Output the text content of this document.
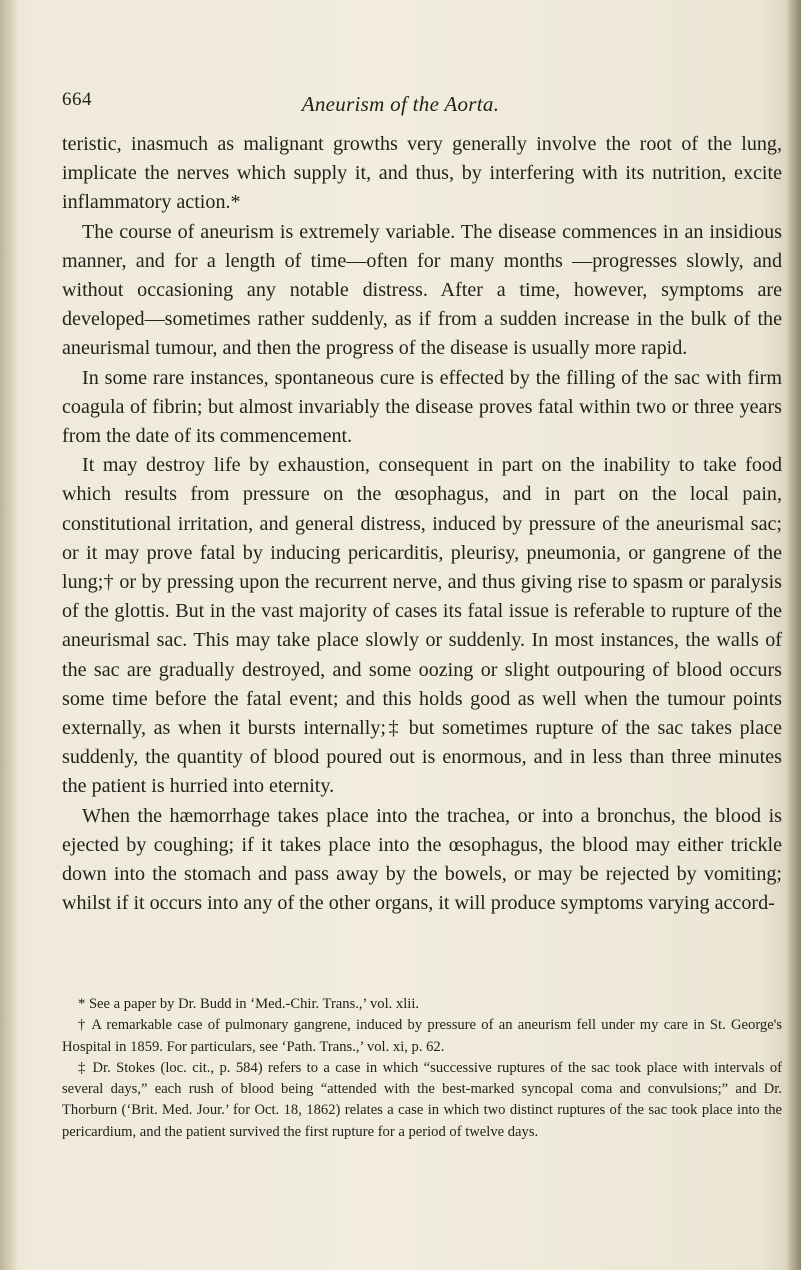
664	Aneurism of the Aorta.

teristic, inasmuch as malignant growths very generally involve the root of the lung, implicate the nerves which supply it, and thus, by interfering with its nutrition, excite inflammatory action.*

The course of aneurism is extremely variable. The disease commences in an insidious manner, and for a length of time—often for many months —progresses slowly, and without occasioning any notable distress. After a time, however, symptoms are developed—sometimes rather suddenly, as if from a sudden increase in the bulk of the aneurismal tumour, and then the progress of the disease is usually more rapid.

In some rare instances, spontaneous cure is effected by the filling of the sac with firm coagula of fibrin; but almost invariably the disease proves fatal within two or three years from the date of its commencement.

It may destroy life by exhaustion, consequent in part on the inability to take food which results from pressure on the œsophagus, and in part on the local pain, constitutional irritation, and general distress, induced by pressure of the aneurismal sac; or it may prove fatal by inducing pericarditis, pleurisy, pneumonia, or gangrene of the lung;† or by pressing upon the recurrent nerve, and thus giving rise to spasm or paralysis of the glottis. But in the vast majority of cases its fatal issue is referable to rupture of the aneurismal sac. This may take place slowly or suddenly. In most instances, the walls of the sac are gradually destroyed, and some oozing or slight outpouring of blood occurs some time before the fatal event; and this holds good as well when the tumour points externally, as when it bursts internally;‡ but sometimes rupture of the sac takes place suddenly, the quantity of blood poured out is enormous, and in less than three minutes the patient is hurried into eternity.

When the hæmorrhage takes place into the trachea, or into a bronchus, the blood is ejected by coughing; if it takes place into the œsophagus, the blood may either trickle down into the stomach and pass away by the bowels, or may be rejected by vomiting; whilst if it occurs into any of the other organs, it will produce symptoms varying accord-

* See a paper by Dr. Budd in ‘Med.-Chir. Trans.,’ vol. xlii.

† A remarkable case of pulmonary gangrene, induced by pressure of an aneurism fell under my care in St. George's Hospital in 1859. For particulars, see ‘Path. Trans.,’ vol. xi, p. 62.

‡ Dr. Stokes (loc. cit., p. 584) refers to a case in which “successive ruptures of the sac took place with intervals of several days,” each rush of blood being “attended with the best-marked syncopal coma and convulsions;” and Dr. Thorburn (‘Brit. Med. Jour.’ for Oct. 18, 1862) relates a case in which two distinct ruptures of the sac took place into the pericardium, and the patient survived the first rupture for a period of twelve days.
